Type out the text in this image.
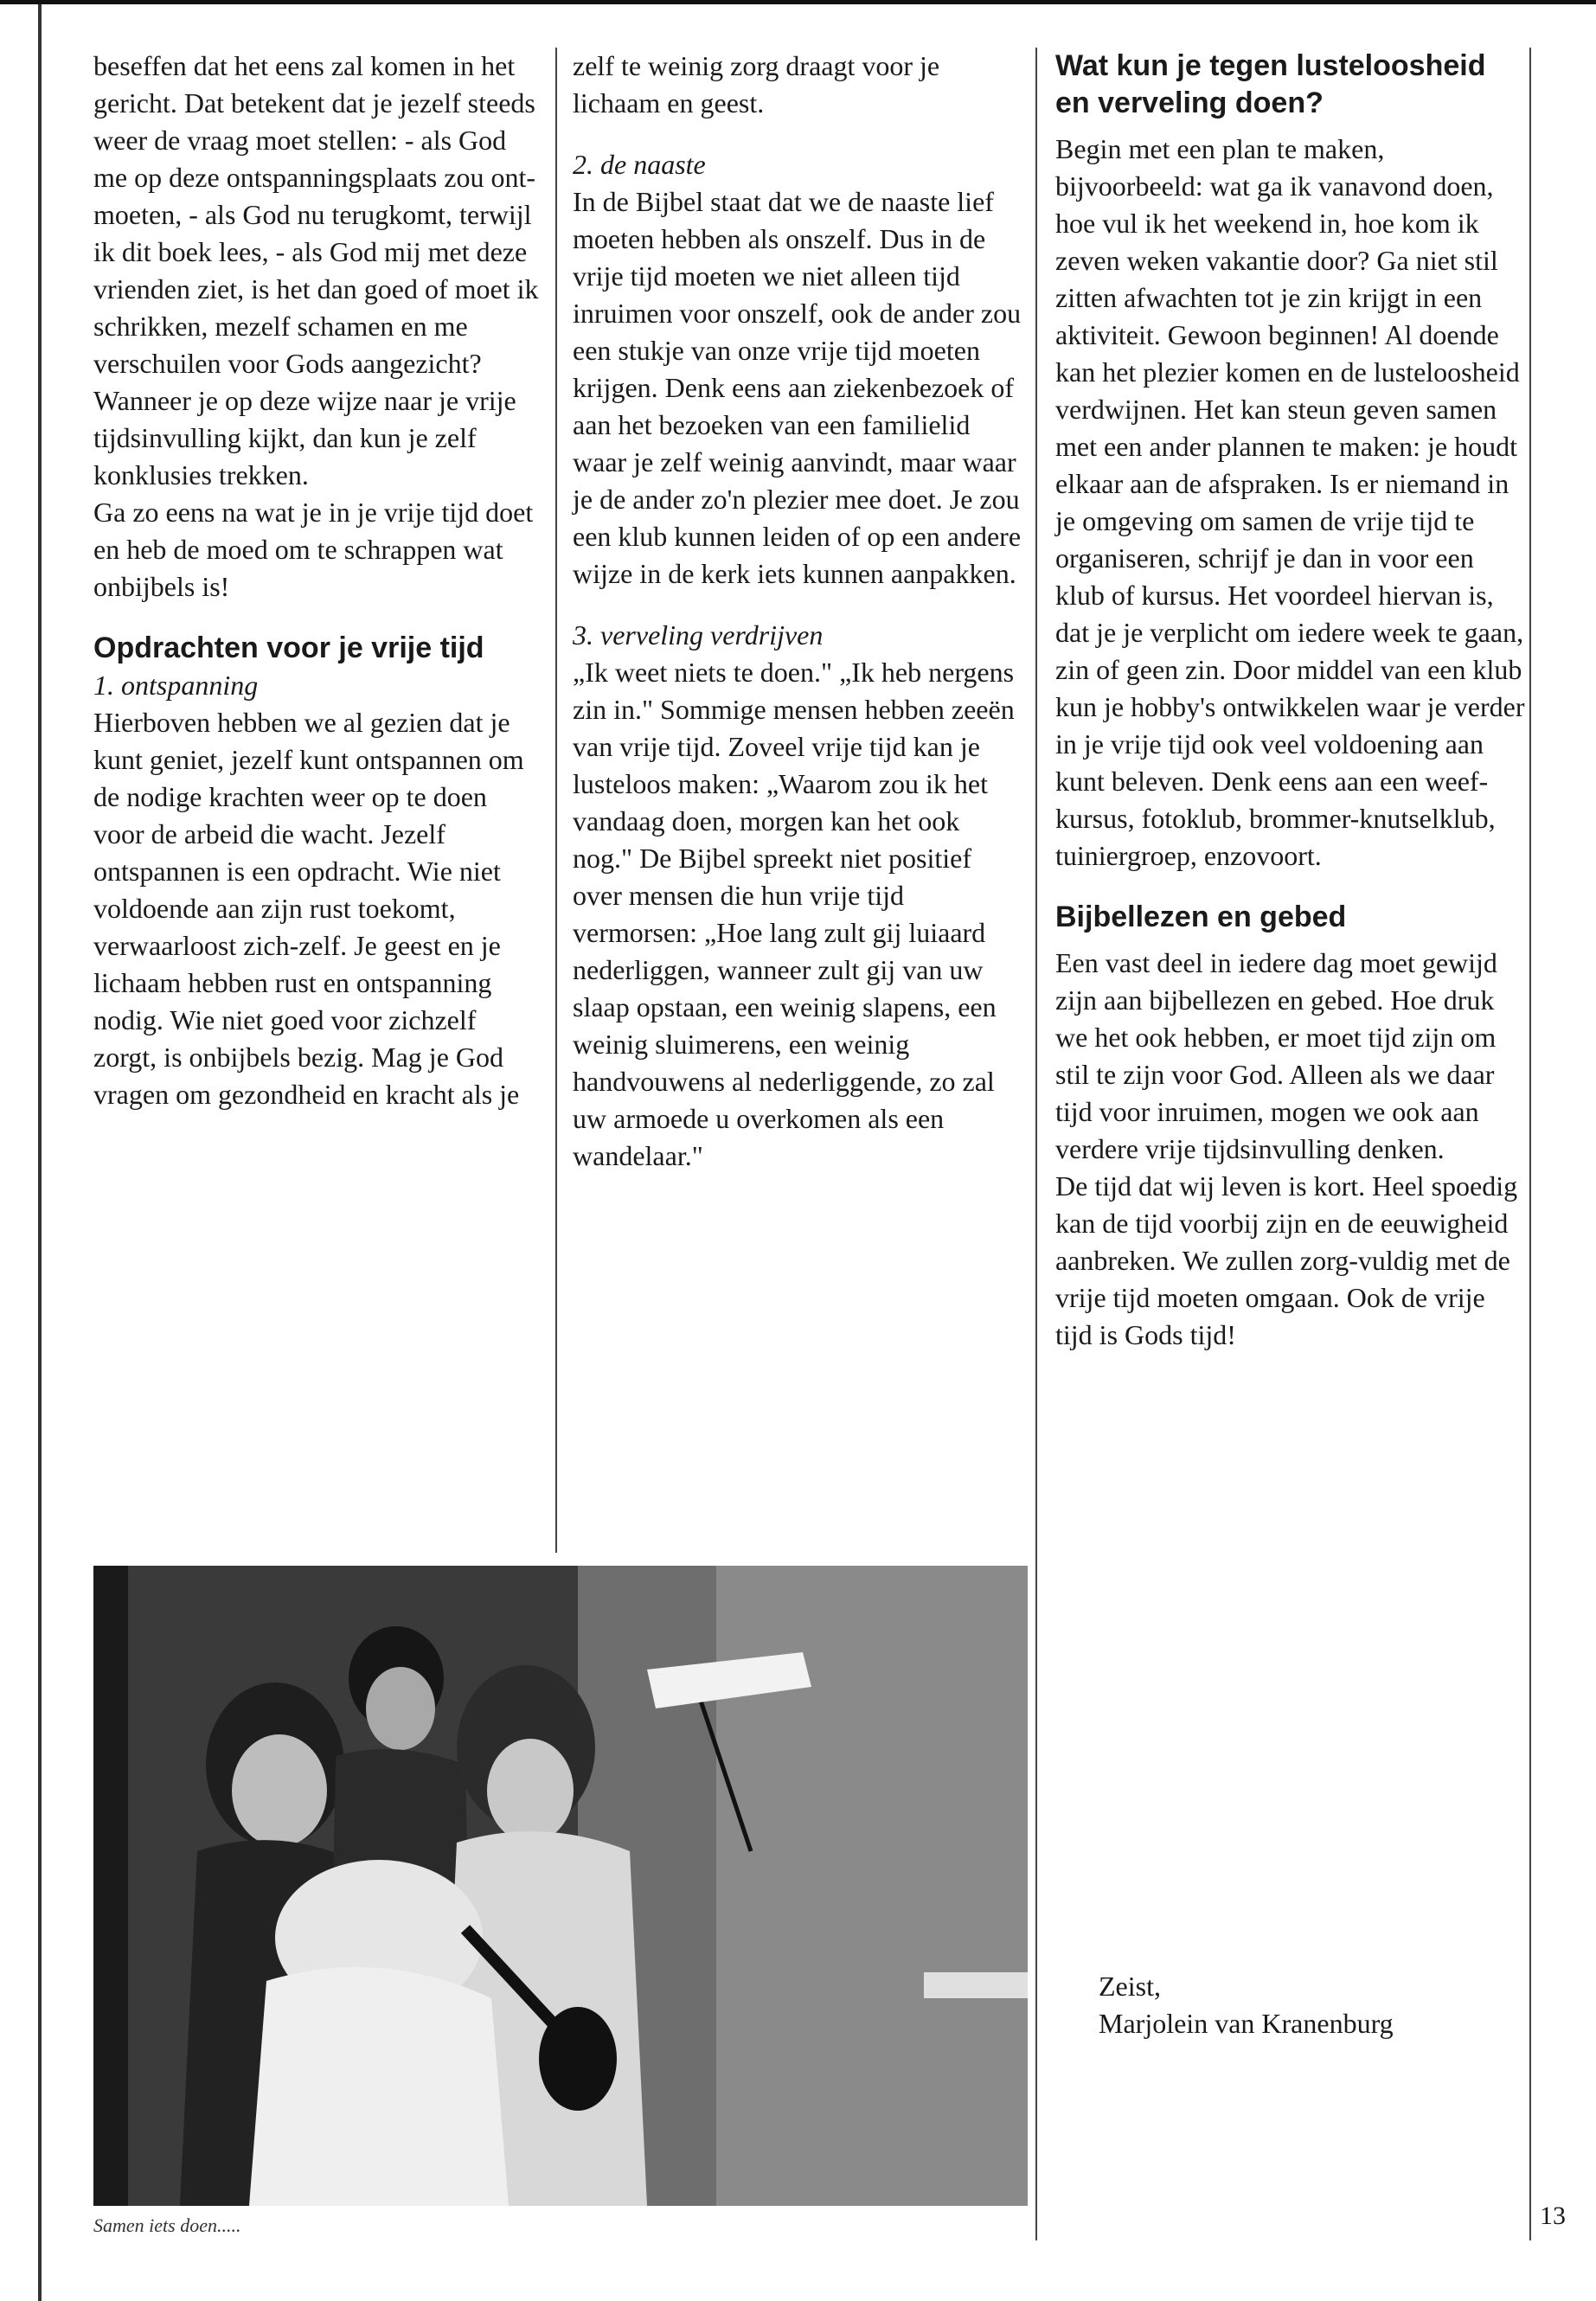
beseffen dat het eens zal komen in het gericht. Dat betekent dat je jezelf steeds weer de vraag moet stellen: - als God me op deze ontspanningsplaats zou ont-moeten, - als God nu terugkomt, terwijl ik dit boek lees, - als God mij met deze vrienden ziet, is het dan goed of moet ik schrikken, mezelf schamen en me verschuilen voor Gods aangezicht? Wanneer je op deze wijze naar je vrije tijdsinvulling kijkt, dan kun je zelf konklusies trekken.

Ga zo eens na wat je in je vrije tijd doet en heb de moed om te schrappen wat onbijbels is!

Opdrachten voor je vrije tijd

1. ontspanning

Hierboven hebben we al gezien dat je kunt geniet, jezelf kunt ontspannen om de nodige krachten weer op te doen voor de arbeid die wacht. Jezelf ontspannen is een opdracht. Wie niet voldoende aan zijn rust toekomt, verwaarloost zich-zelf. Je geest en je lichaam hebben rust en ontspanning nodig. Wie niet goed voor zichzelf zorgt, is onbijbels bezig. Mag je God vragen om gezondheid en kracht als je

zelf te weinig zorg draagt voor je lichaam en geest.

2. de naaste

In de Bijbel staat dat we de naaste lief moeten hebben als onszelf. Dus in de vrije tijd moeten we niet alleen tijd inruimen voor onszelf, ook de ander zou een stukje van onze vrije tijd moeten krijgen. Denk eens aan ziekenbezoek of aan het bezoeken van een familielid waar je zelf weinig aanvindt, maar waar je de ander zo'n plezier mee doet. Je zou een klub kunnen leiden of op een andere wijze in de kerk iets kunnen aanpakken.

3. verveling verdrijven

„Ik weet niets te doen." „Ik heb nergens zin in." Sommige mensen hebben zeeën van vrije tijd. Zoveel vrije tijd kan je lusteloos maken: „Waarom zou ik het vandaag doen, morgen kan het ook nog." De Bijbel spreekt niet positief over mensen die hun vrije tijd vermorsen: „Hoe lang zult gij luiaard nederliggen, wanneer zult gij van uw slaap opstaan, een weinig slapens, een weinig sluimerens, een weinig handvouwens al nederliggende, zo zal uw armoede u overkomen als een wandelaar."

Wat kun je tegen lusteloosheid en verveling doen?

Begin met een plan te maken, bijvoorbeeld: wat ga ik vanavond doen, hoe vul ik het weekend in, hoe kom ik zeven weken vakantie door? Ga niet stil zitten afwachten tot je zin krijgt in een aktiviteit. Gewoon beginnen! Al doende kan het plezier komen en de lusteloosheid verdwijnen. Het kan steun geven samen met een ander plannen te maken: je houdt elkaar aan de afspraken. Is er niemand in je omgeving om samen de vrije tijd te organiseren, schrijf je dan in voor een klub of kursus. Het voordeel hiervan is, dat je je verplicht om iedere week te gaan, zin of geen zin. Door middel van een klub kun je hobby's ontwikkelen waar je verder in je vrije tijd ook veel voldoening aan kunt beleven. Denk eens aan een weef-kursus, fotoklub, brommer-knutselklub, tuiniergroep, enzovoort.

Bijbellezen en gebed

Een vast deel in iedere dag moet gewijd zijn aan bijbellezen en gebed. Hoe druk we het ook hebben, er moet tijd zijn om stil te zijn voor God. Alleen als we daar tijd voor inruimen, mogen we ook aan verdere vrije tijdsinvulling denken.

De tijd dat wij leven is kort. Heel spoedig kan de tijd voorbij zijn en de eeuwigheid aanbreken. We zullen zorg-vuldig met de vrije tijd moeten omgaan. Ook de vrije tijd is Gods tijd!

Zeist,

Marjolein van Kranenburg

Samen iets doen.....	13
